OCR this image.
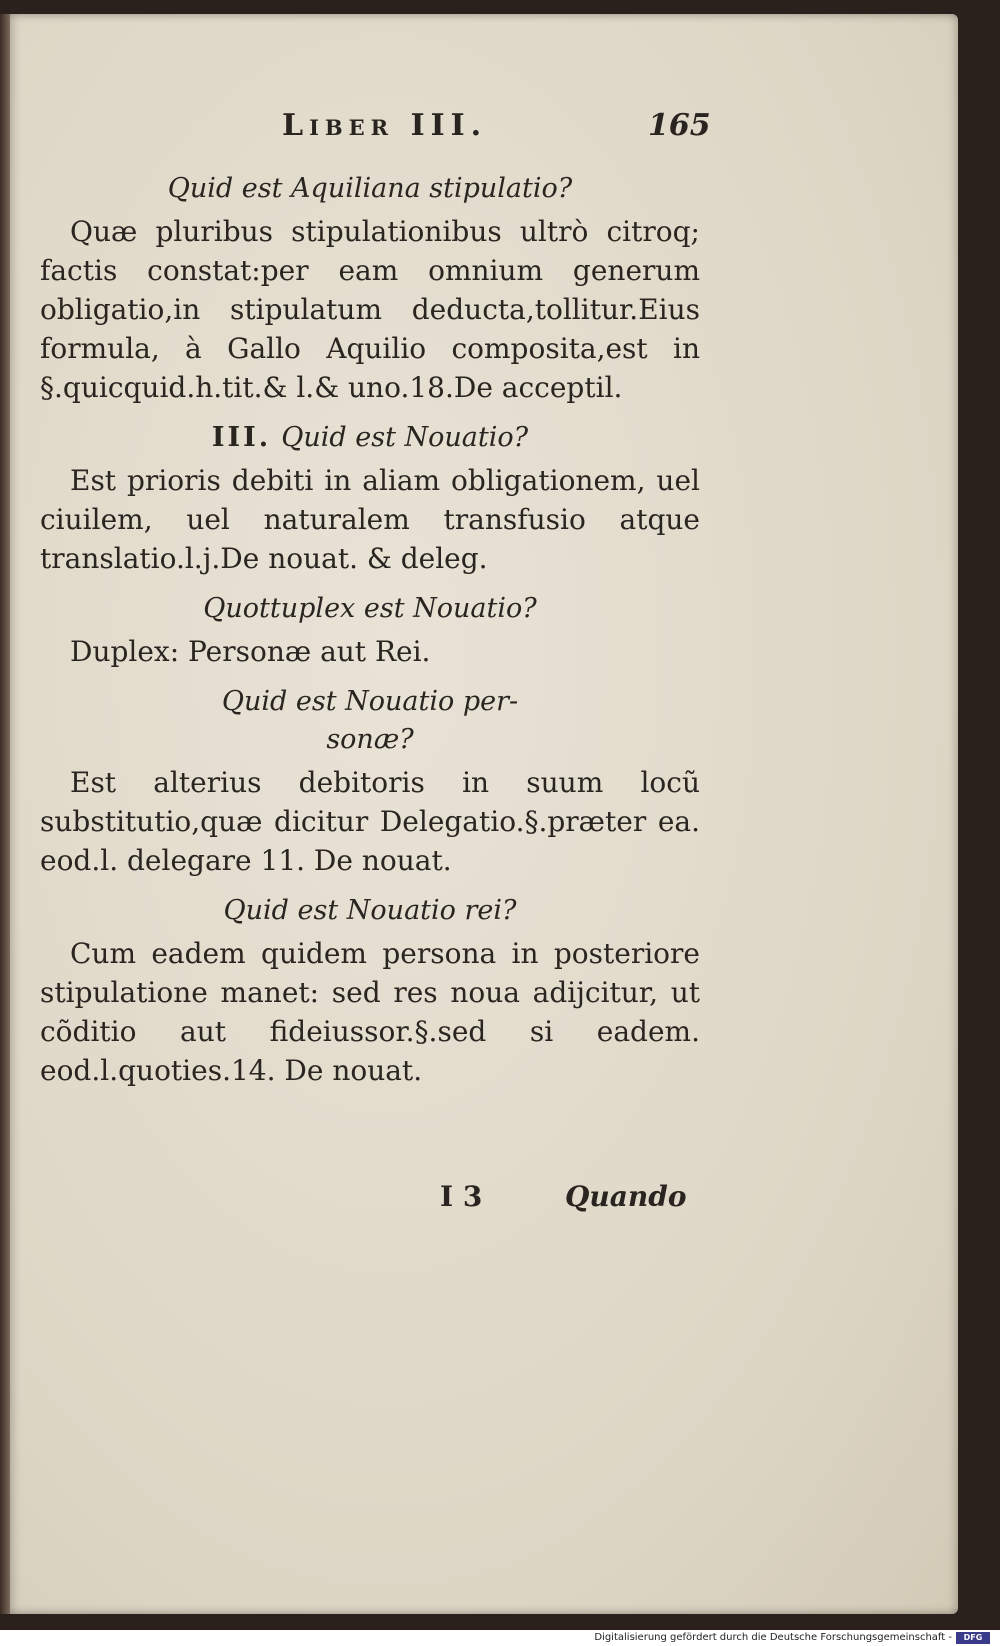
Liber III.	165

Quid est Aquiliana stipulatio?

Quæ pluribus stipulationibus ultrò citroq; factis constat:per eam omnium generum obligatio,in stipulatum deducta,tollitur.Eius formula, à Gallo Aquilio composita,est in §.quicquid.h.tit.& l.& uno.18.De acceptil.

III. Quid est Nouatio?

Est prioris debiti in aliam obligationem, uel ciuilem, uel naturalem transfusio atque translatio.l.j.De nouat. & deleg.

Quottuplex est Nouatio?

Duplex: Personæ aut Rei.

Quid est Nouatio per-
sonæ?

Est alterius debitoris in suum locũ substitutio,quæ dicitur Delegatio.§.præter ea. eod.l. delegare 11. De nouat.

Quid est Nouatio rei?

Cum eadem quidem persona in posteriore stipulatione manet: sed res noua adijcitur, ut cõditio aut fideiussor.§.sed si eadem. eod.l.quoties.14. De nouat.

I 3	Quando
Digitalisierung gefördert durch die Deutsche Forschungsgemeinschaft -	DFG
